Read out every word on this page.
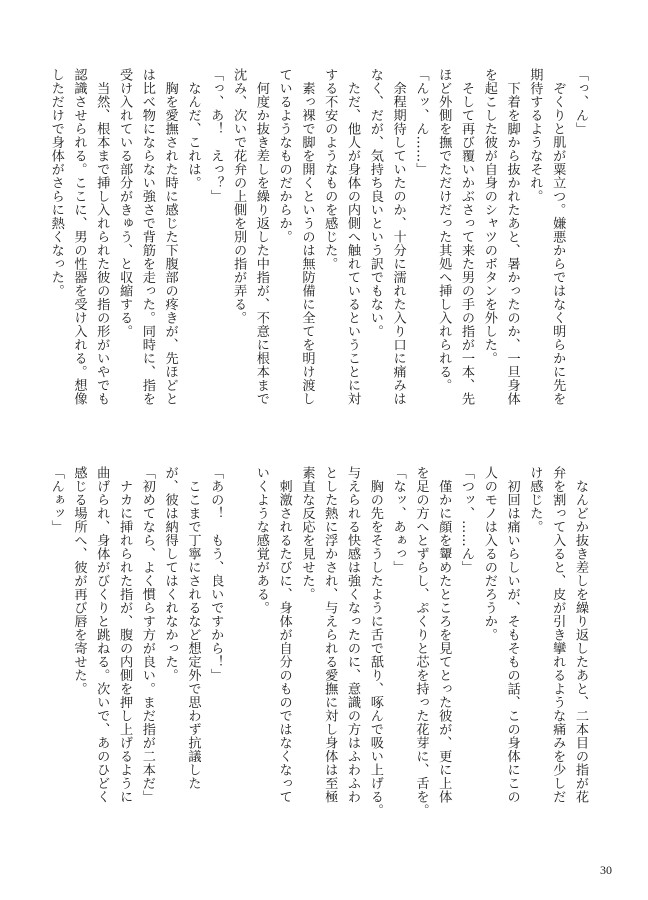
「っ、ん」
　ぞくりと肌が粟立つ。嫌悪からではなく明らかに先を
期待するようなそれ。
　下着を脚から抜かれたあと、暑かったのか、一旦身体
を起こした彼が自身のシャツのボタンを外した。
　そして再び覆いかぶさって来た男の手の指が一本、先
ほど外側を撫でただけだった其処へ挿し入れられる。
「んッ、ん……」
　余程期待していたのか、十分に濡れた入り口に痛みは
なく、だが、気持ち良いという訳でもない。
　ただ、他人が身体の内側へ触れているということに対
する不安のようなものを感じた。
　素っ裸で脚を開くというのは無防備に全てを明け渡し
ているようなものだからか。
　何度か抜き差しを繰り返した中指が、不意に根本まで
沈み、次いで花弁の上側を別の指が弄る。
「っ、あ！　えっ？」
　なんだ、これは。
　胸を愛撫された時に感じた下腹部の疼きが、先ほどと
は比べ物にならない強さで背筋を走った。同時に、指を
受け入れている部分がきゅう、と収縮する。
　当然、根本まで挿し入れられた彼の指の形がいやでも
認識させられる。ここに、男の性器を受け入れる。想像
しただけで身体がさらに熱くなった。
　なんどか抜き差しを繰り返したあと、二本目の指が花
弁を割って入ると、皮が引き攣れるような痛みを少しだ
け感じた。
　初回は痛いらしいが、そもそもの話、この身体にこの
人のモノは入るのだろうか。
「つッ、……ん」
　僅かに顔を顰めたところを見てとった彼が、更に上体
を足の方へとずらし、ぷくりと芯を持った花芽に、舌を。
「なッ、あぁっ」
　胸の先をそうしたように舌で舐り、啄んで吸い上げる。
与えられる快感は強くなったのに、意識の方はふわふわ
とした熱に浮かされ、与えられる愛撫に対し身体は至極
素直な反応を見せた。
　刺激されるたびに、身体が自分のものではなくなって
いくような感覚がある。

「あの！　もう、良いですから！」
　ここまで丁寧にされるなど想定外で思わず抗議した
が、彼は納得してはくれなかった。
「初めてなら、よく慣らす方が良い。まだ指が二本だ」
　ナカに挿れられた指が、腹の内側を押し上げるように
曲げられ、身体がびくりと跳ねる。次いで、あのひどく
感じる場所へ、彼が再び唇を寄せた。
「んぁッ」
30
